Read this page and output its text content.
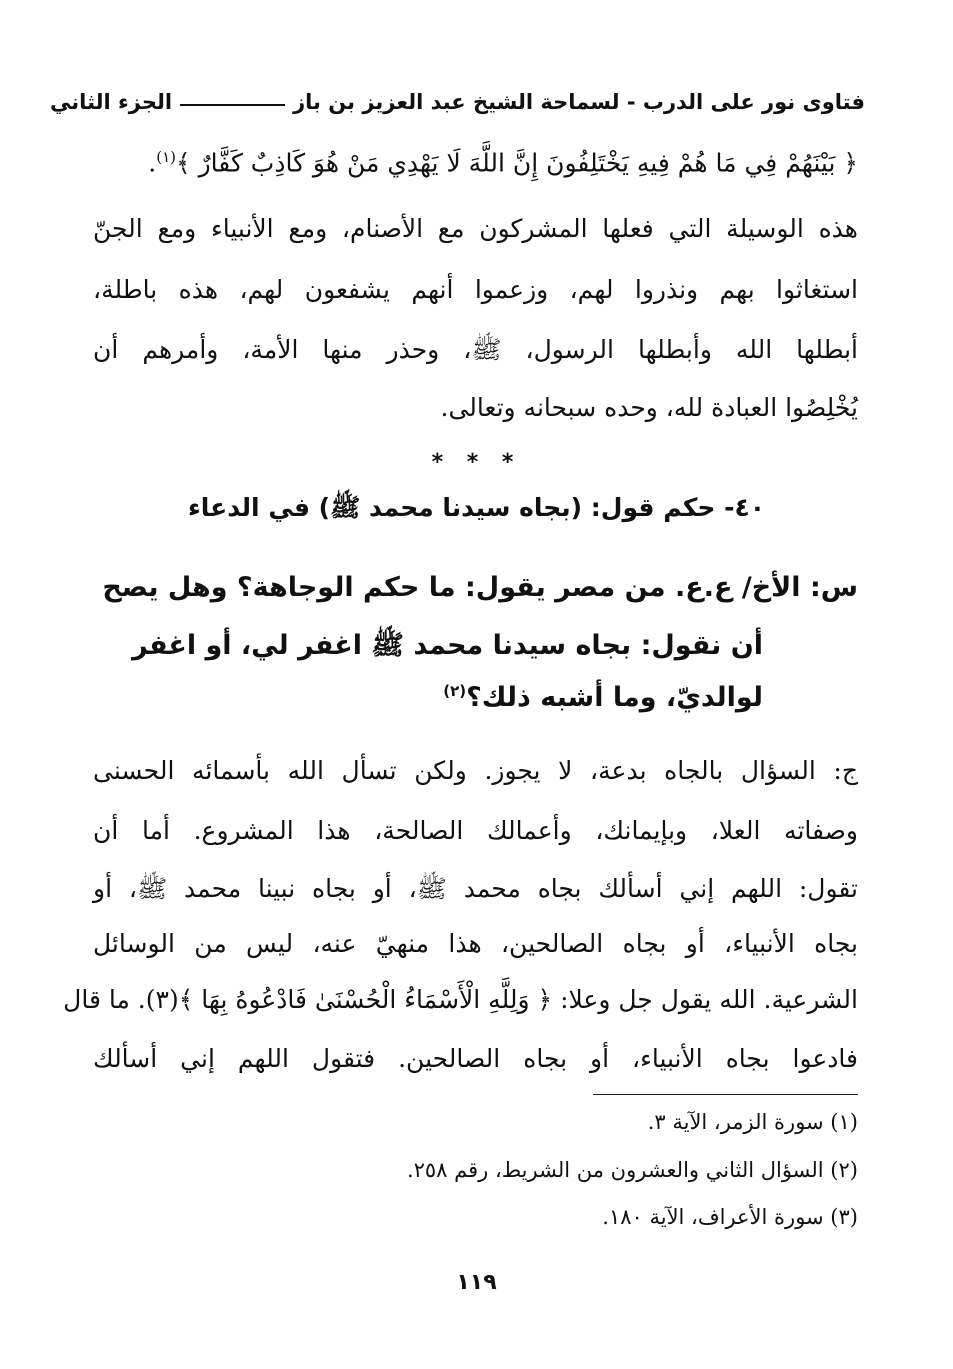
فتاوى نور على الدرب - لسماحة الشيخ عبد العزيز بن باز
الجزء الثاني
﴿ بَيْنَهُمْ فِي مَا هُمْ فِيهِ يَخْتَلِفُونَ إِنَّ اللَّهَ لَا يَهْدِي مَنْ هُوَ كَاذِبٌ كَفَّارٌ ﴾$^{(١)}$.
هذه الوسيلة التي فعلها المشركون مع الأصنام، ومع الأنبياء ومع الجنّ
استغاثوا بهم ونذروا لهم، وزعموا أنهم يشفعون لهم، هذه باطلة،
أبطلها الله وأبطلها الرسول، ﷺ، وحذر منها الأمة، وأمرهم أن
يُخْلِصُوا العبادة لله، وحده سبحانه وتعالى.
* * *
٤٠- حكم قول: (بجاه سيدنا محمد ﷺ) في الدعاء
س: الأخ/ ع.ع. من مصر يقول: ما حكم الوجاهة؟ وهل يصح
أن نقول: بجاه سيدنا محمد ﷺ اغفر لي، أو اغفر
لوالديّ، وما أشبه ذلك؟$^{(٢)}$
ج: السؤال بالجاه بدعة، لا يجوز. ولكن تسأل الله بأسمائه الحسنى
وصفاته العلا، وبإيمانك، وأعمالك الصالحة، هذا المشروع. أما أن
تقول: اللهم إني أسألك بجاه محمد ﷺ، أو بجاه نبينا محمد ﷺ، أو
بجاه الأنبياء، أو بجاه الصالحين، هذا منهيّ عنه، ليس من الوسائل
الشرعية. الله يقول جل وعلا: ﴿ وَلِلَّهِ الْأَسْمَاءُ الْحُسْنَىٰ فَادْعُوهُ بِهَا ﴾(٣). ما قال
فادعوا بجاه الأنبياء، أو بجاه الصالحين. فتقول اللهم إني أسألك
(١) سورة الزمر، الآية ٣.
(٢) السؤال الثاني والعشرون من الشريط، رقم ٢٥٨.
(٣) سورة الأعراف، الآية ١٨٠.
١١٩
